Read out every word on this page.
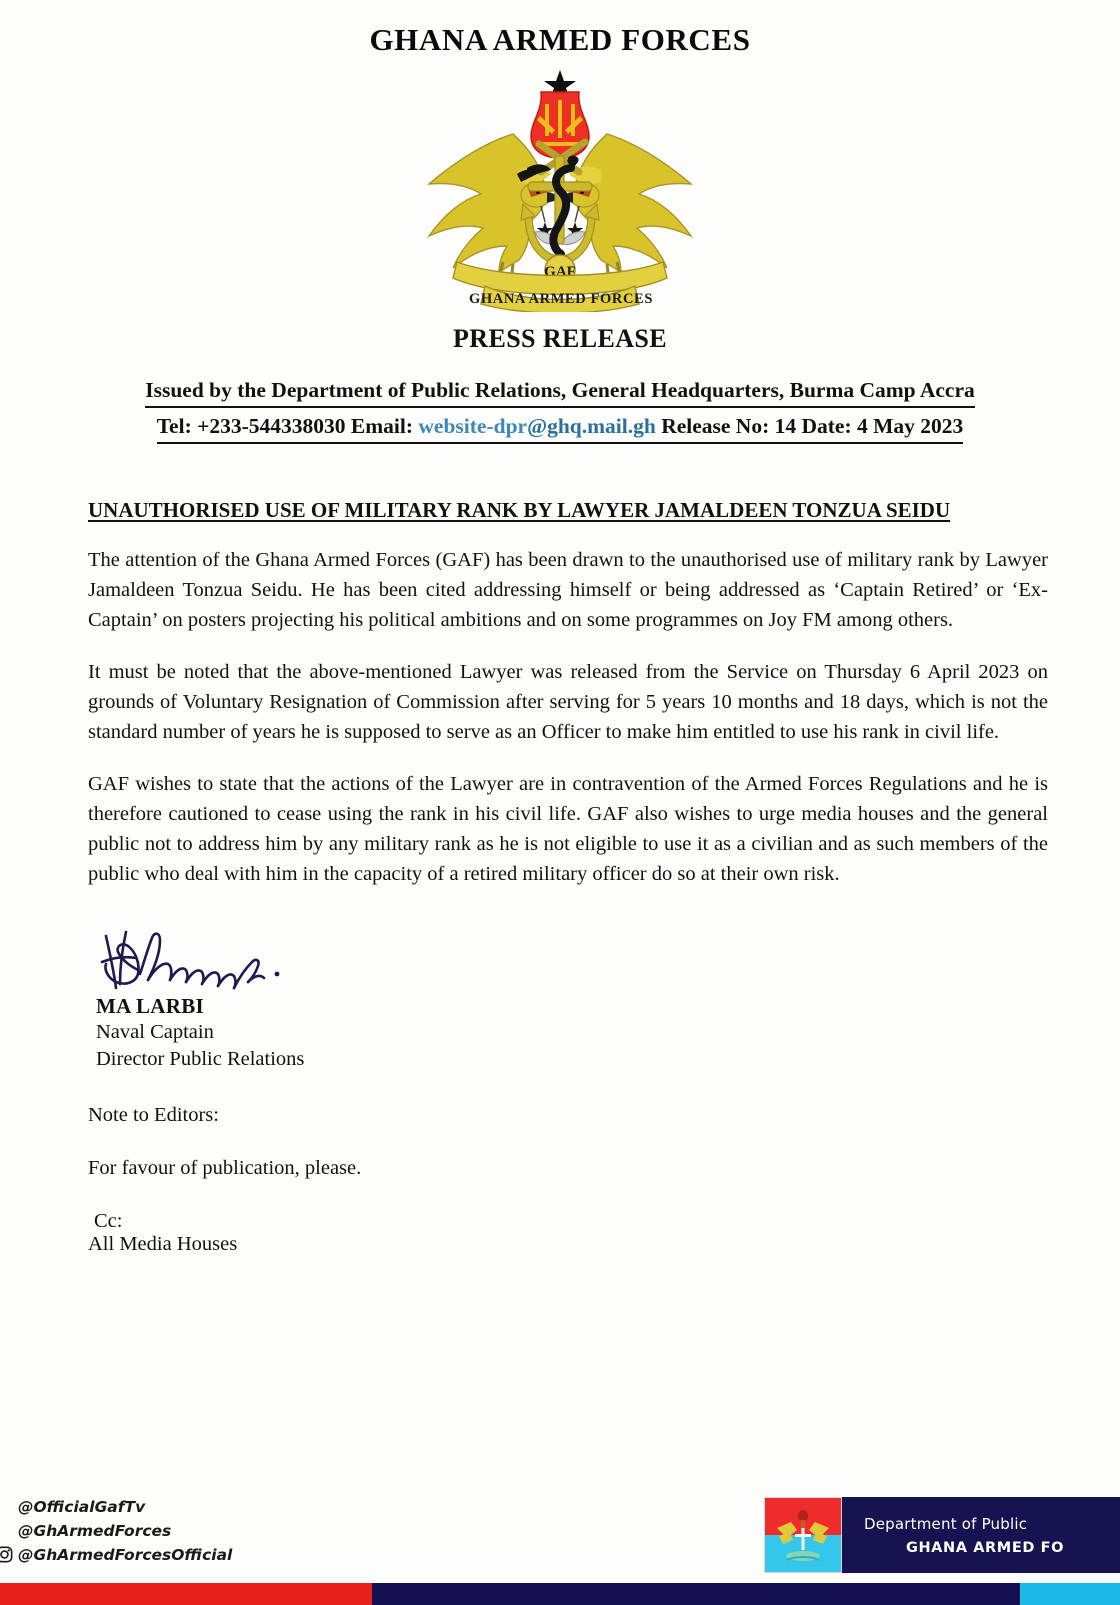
GHANA ARMED FORCES
GAF
GHANA ARMED FORCES
PRESS RELEASE
Issued by the Department of Public Relations, General Headquarters, Burma Camp Accra
Tel: +233-544338030 Email: website-dpr@ghq.mail.gh Release No: 14 Date: 4 May 2023
UNAUTHORISED USE OF MILITARY RANK BY LAWYER JAMALDEEN TONZUA SEIDU

The attention of the Ghana Armed Forces (GAF) has been drawn to the unauthorised use of military rank by Lawyer Jamaldeen Tonzua Seidu. He has been cited addressing himself or being addressed as ‘Captain Retired’ or ‘Ex-Captain’ on posters projecting his political ambitions and on some programmes on Joy FM among others.

It must be noted that the above-mentioned Lawyer was released from the Service on Thursday 6 April 2023 on grounds of Voluntary Resignation of Commission after serving for 5 years 10 months and 18 days, which is not the standard number of years he is supposed to serve as an Officer to make him entitled to use his rank in civil life.

GAF wishes to state that the actions of the Lawyer are in contravention of the Armed Forces Regulations and he is therefore cautioned to cease using the rank in his civil life. GAF also wishes to urge media houses and the general public not to address him by any military rank as he is not eligible to use it as a civilian and as such members of the public who deal with him in the capacity of a retired military officer do so at their own risk.

MA LARBI
Naval Captain
Director Public Relations
Note to Editors:
For favour of publication, please.
Cc:
All Media Houses
@OfficialGafTv
@GhArmedForces
@GhArmedForcesOfficial
Department of Public
GHANA ARMED FO
